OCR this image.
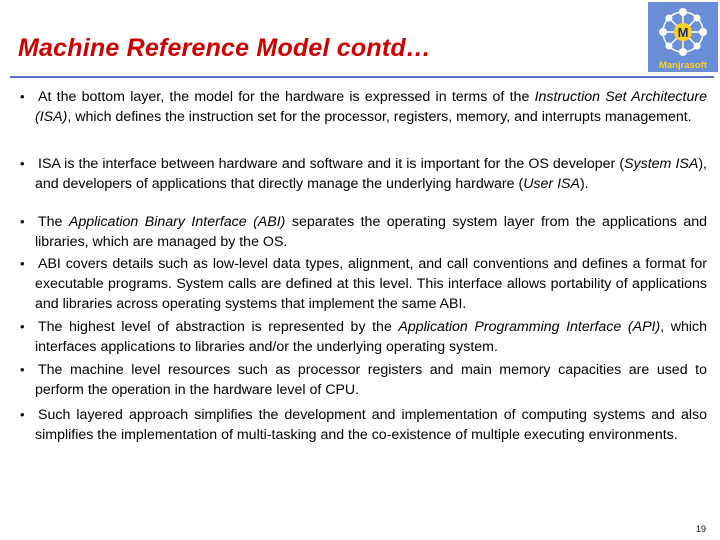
Machine Reference Model contd…
M
Manjrasoft
• At the bottom layer, the model for the hardware is expressed in terms of the Instruction Set Architecture (ISA), which defines the instruction set for the processor, registers, memory, and interrupts management.
• ISA is the interface between hardware and software and it is important for the OS developer (System ISA), and developers of applications that directly manage the underlying hardware (User ISA).
• The Application Binary Interface (ABI) separates the operating system layer from the applications and libraries, which are managed by the OS.
• ABI covers details such as low-level data types, alignment, and call conventions and defines a format for executable programs. System calls are defined at this level. This interface allows portability of applications and libraries across operating systems that implement the same ABI.
• The highest level of abstraction is represented by the Application Programming Interface (API), which interfaces applications to libraries and/or the underlying operating system.
• The machine level resources such as processor registers and main memory capacities are used to perform the operation in the hardware level of CPU.
• Such layered approach simplifies the development and implementation of computing systems and also simplifies the implementation of multi-tasking and the co-existence of multiple executing environments.
19
